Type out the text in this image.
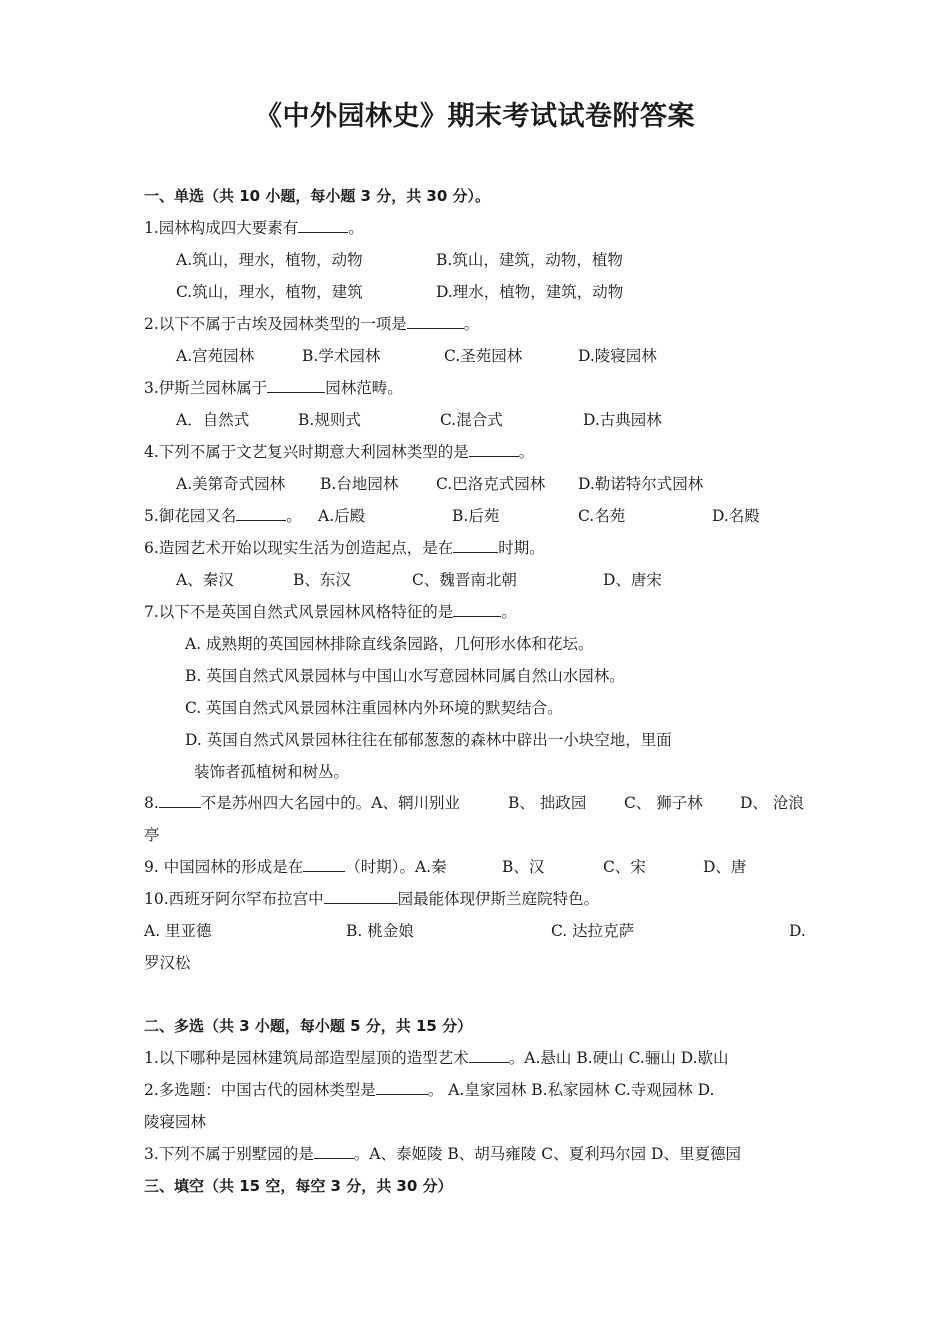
《中外园林史》期末考试试卷附答案
一、单选（共 10 小题，每小题 3 分，共 30 分）。
1.园林构成四大要素有	。
A.筑山，理水，植物，动物	B.筑山，建筑，动物，植物
C.筑山，理水，植物，建筑	D.理水，植物，建筑，动物
2.以下不属于古埃及园林类型的一项是	。
A.宫苑园林	B.学术园林	C.圣苑园林	D.陵寝园林
3.伊斯兰园林属于	园林范畴。
A．自然式	B.规则式	C.混合式	D.古典园林
4.下列不属于文艺复兴时期意大利园林类型的是	。
A.美第奇式园林 B.台地园林 C.巴洛克式园林 D.勒诺特尔式园林
5.御花园又名	。 A.后殿	B.后苑	C.名苑	D.名殿
6.造园艺术开始以现实生活为创造起点，是在	时期。
A、秦汉	B、东汉	C、魏晋南北朝	D、唐宋
7.以下不是英国自然式风景园林风格特征的是	。
A. 成熟期的英国园林排除直线条园路，几何形水体和花坛。
B. 英国自然式风景园林与中国山水写意园林同属自然山水园林。
C. 英国自然式风景园林注重园林内外环境的默契结合。
D. 英国自然式风景园林往往在郁郁葱葱的森林中辟出一小块空地，里面
装饰者孤植树和树丛。
8.	不是苏州四大名园中的。A、辋川别业	B、 拙政园 C、 狮子林 D、 沧浪
亭
9. 中国园林的形成是在	（时期）。A.秦	B、汉	C、宋	D、唐
10.西班牙阿尔罕布拉宫中	园最能体现伊斯兰庭院特色。
A. 里亚德	B. 桃金娘	C. 达拉克萨	D.
罗汉松
二、多选（共 3 小题，每小题 5 分，共 15 分）
1.以下哪种是园林建筑局部造型屋顶的造型艺术	。A.悬山 B.硬山 C.骊山 D.歇山
2.多选题：中国古代的园林类型是	。 A.皇家园林 B.私家园林 C.寺观园林 D.
陵寝园林
3.下列不属于别墅园的是	。A、泰姬陵 B、胡马雍陵 C、夏利玛尔园 D、里夏德园
三、填空（共 15 空，每空 3 分，共 30 分）
